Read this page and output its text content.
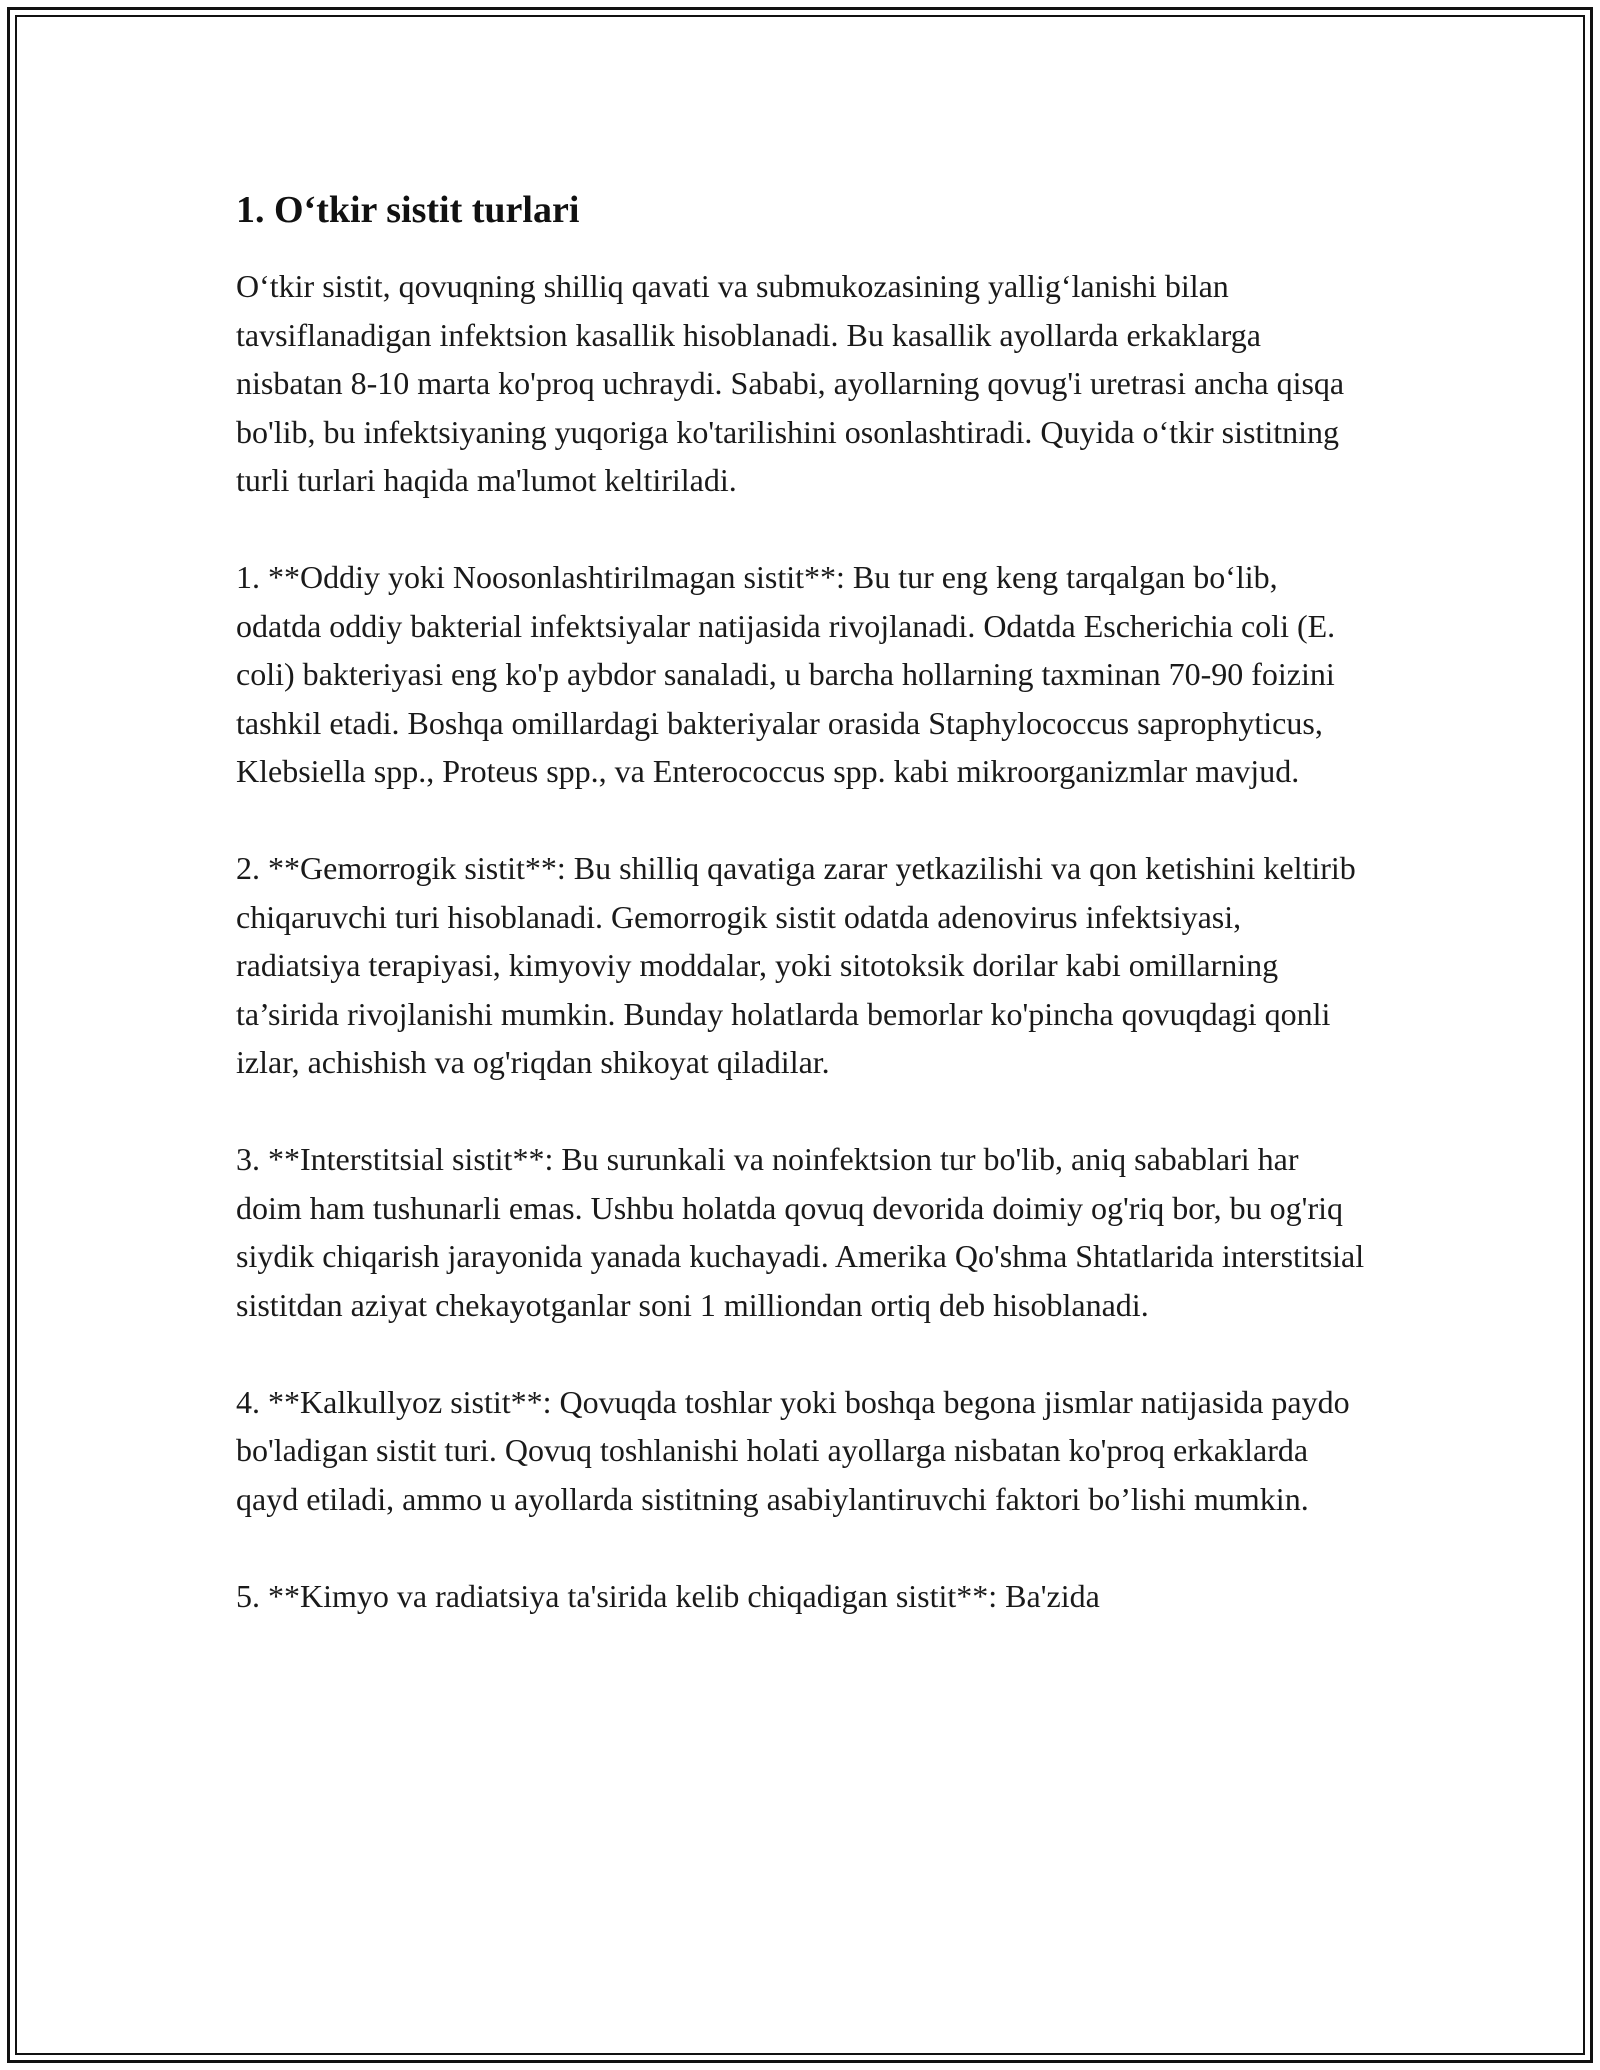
1. O‘tkir sistit turlari

O‘tkir sistit, qovuqning shilliq qavati va submukozasining yallig‘lanishi bilan tavsiflanadigan infektsion kasallik hisoblanadi. Bu kasallik ayollarda erkaklarga nisbatan 8-10 marta ko'proq uchraydi. Sababi, ayollarning qovug'i uretrasi ancha qisqa bo'lib, bu infektsiyaning yuqoriga ko'tarilishini osonlashtiradi. Quyida o‘tkir sistitning turli turlari haqida ma'lumot keltiriladi.

1. **Oddiy yoki Noosonlashtirilmagan sistit**: Bu tur eng keng tarqalgan bo‘lib, odatda oddiy bakterial infektsiyalar natijasida rivojlanadi. Odatda Escherichia coli (E. coli) bakteriyasi eng ko'p aybdor sanaladi, u barcha hollarning taxminan 70-90 foizini tashkil etadi. Boshqa omillardagi bakteriyalar orasida Staphylococcus saprophyticus, Klebsiella spp., Proteus spp., va Enterococcus spp. kabi mikroorganizmlar mavjud.

2. **Gemorrogik sistit**: Bu shilliq qavatiga zarar yetkazilishi va qon ketishini keltirib chiqaruvchi turi hisoblanadi. Gemorrogik sistit odatda adenovirus infektsiyasi, radiatsiya terapiyasi, kimyoviy moddalar, yoki sitotoksik dorilar kabi omillarning ta’sirida rivojlanishi mumkin. Bunday holatlarda bemorlar ko'pincha qovuqdagi qonli izlar, achishish va og'riqdan shikoyat qiladilar.

3. **Interstitsial sistit**: Bu surunkali va noinfektsion tur bo'lib, aniq sabablari har doim ham tushunarli emas. Ushbu holatda qovuq devorida doimiy og'riq bor, bu og'riq siydik chiqarish jarayonida yanada kuchayadi. Amerika Qo'shma Shtatlarida interstitsial sistitdan aziyat chekayotganlar soni 1 milliondan ortiq deb hisoblanadi.

4. **Kalkullyoz sistit**: Qovuqda toshlar yoki boshqa begona jismlar natijasida paydo bo'ladigan sistit turi. Qovuq toshlanishi holati ayollarga nisbatan ko'proq erkaklarda qayd etiladi, ammo u ayollarda sistitning asabiylantiruvchi faktori bo’lishi mumkin.

5. **Kimyo va radiatsiya ta'sirida kelib chiqadigan sistit**: Ba'zida
